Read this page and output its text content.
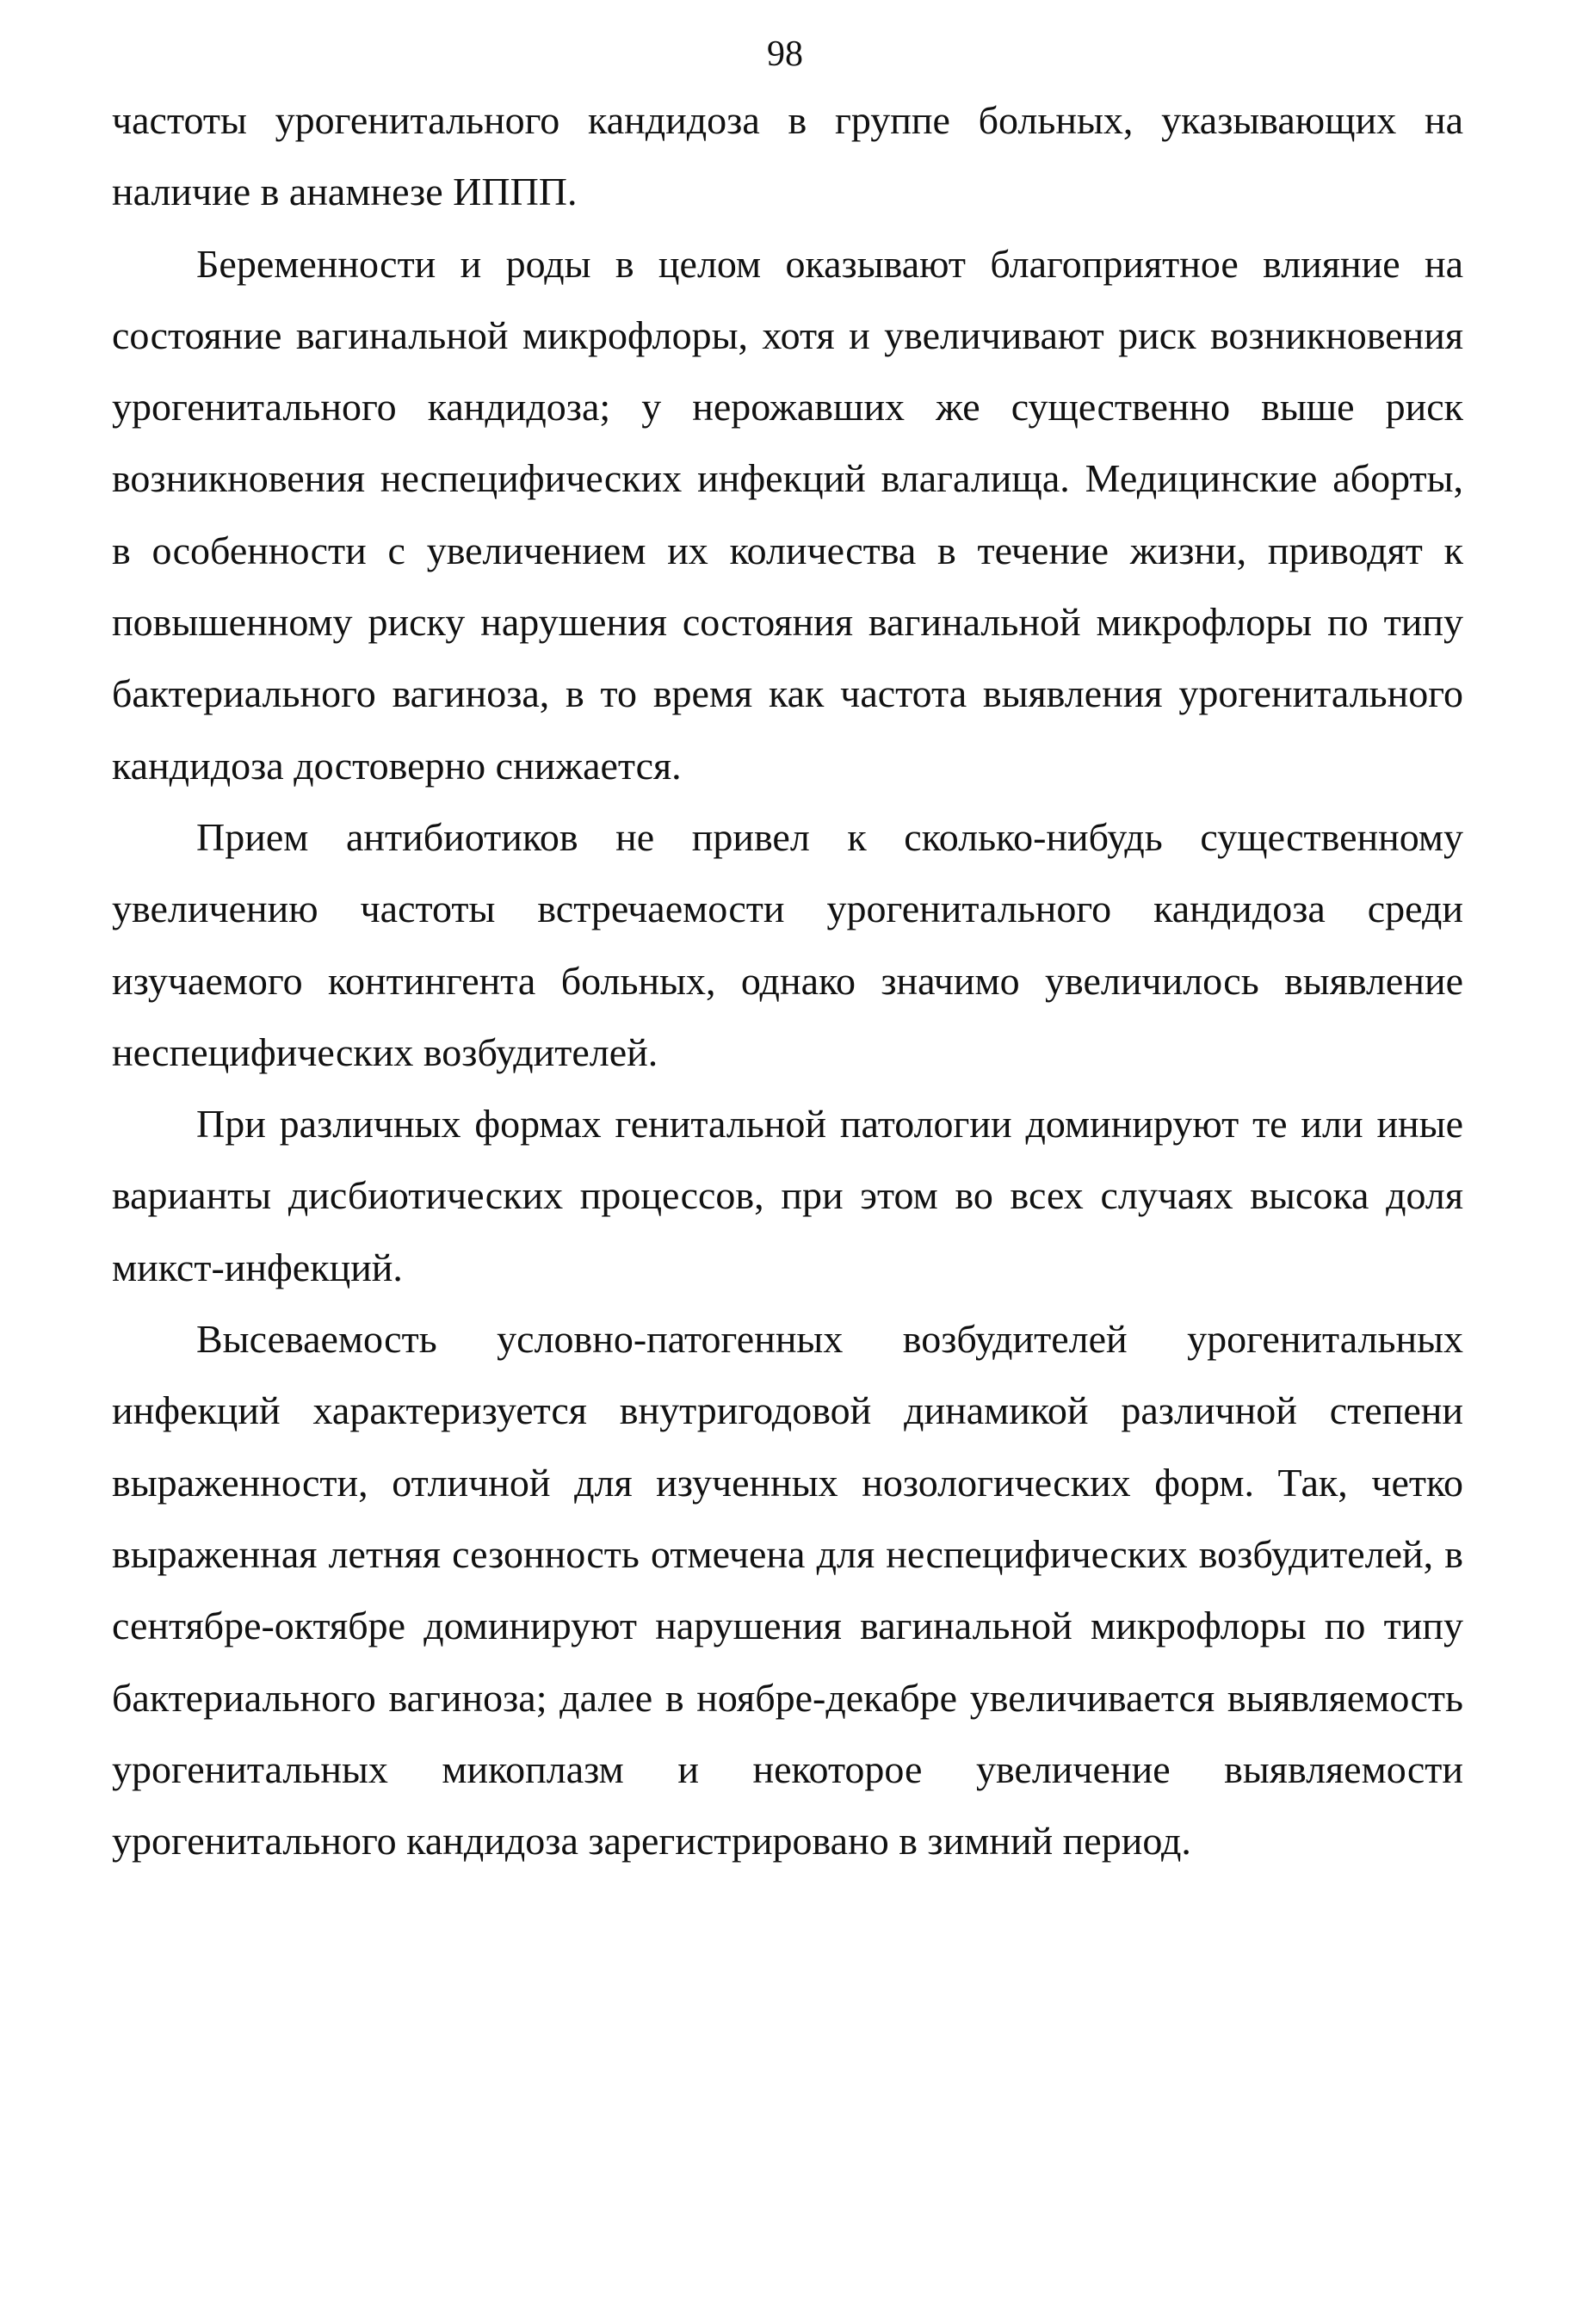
98

частоты урогенитального кандидоза в группе больных, указывающих на наличие в анамнезе ИППП.

Беременности и роды в целом оказывают благоприятное влияние на состояние вагинальной микрофлоры, хотя и увеличивают риск возникновения урогенитального кандидоза; у нерожавших же существенно выше риск возникновения неспецифических инфекций влагалища. Медицинские аборты, в особенности с увеличением их количества в течение жизни, приводят к повышенному риску нарушения состояния вагинальной микрофлоры по типу бактериального вагиноза, в то время как частота выявления урогенитального кандидоза достоверно снижается.

Прием антибиотиков не привел к сколько-нибудь существенному увеличению частоты встречаемости урогенитального кандидоза среди изучаемого контингента больных, однако значимо увеличилось выявление неспецифических возбудителей.

При различных формах генитальной патологии доминируют те или иные варианты дисбиотических процессов, при этом во всех случаях высока доля микст-инфекций.

Высеваемость условно-патогенных возбудителей урогенитальных инфекций характеризуется внутригодовой динамикой различной степени выраженности, отличной для изученных нозологических форм. Так, четко выраженная летняя сезонность отмечена для неспецифических возбудителей, в сентябре-октябре доминируют нарушения вагинальной микрофлоры по типу бактериального вагиноза; далее в ноябре-декабре увеличивается выявляемость урогенитальных микоплазм и некоторое увеличение выявляемости урогенитального кандидоза зарегистрировано в зимний период.
